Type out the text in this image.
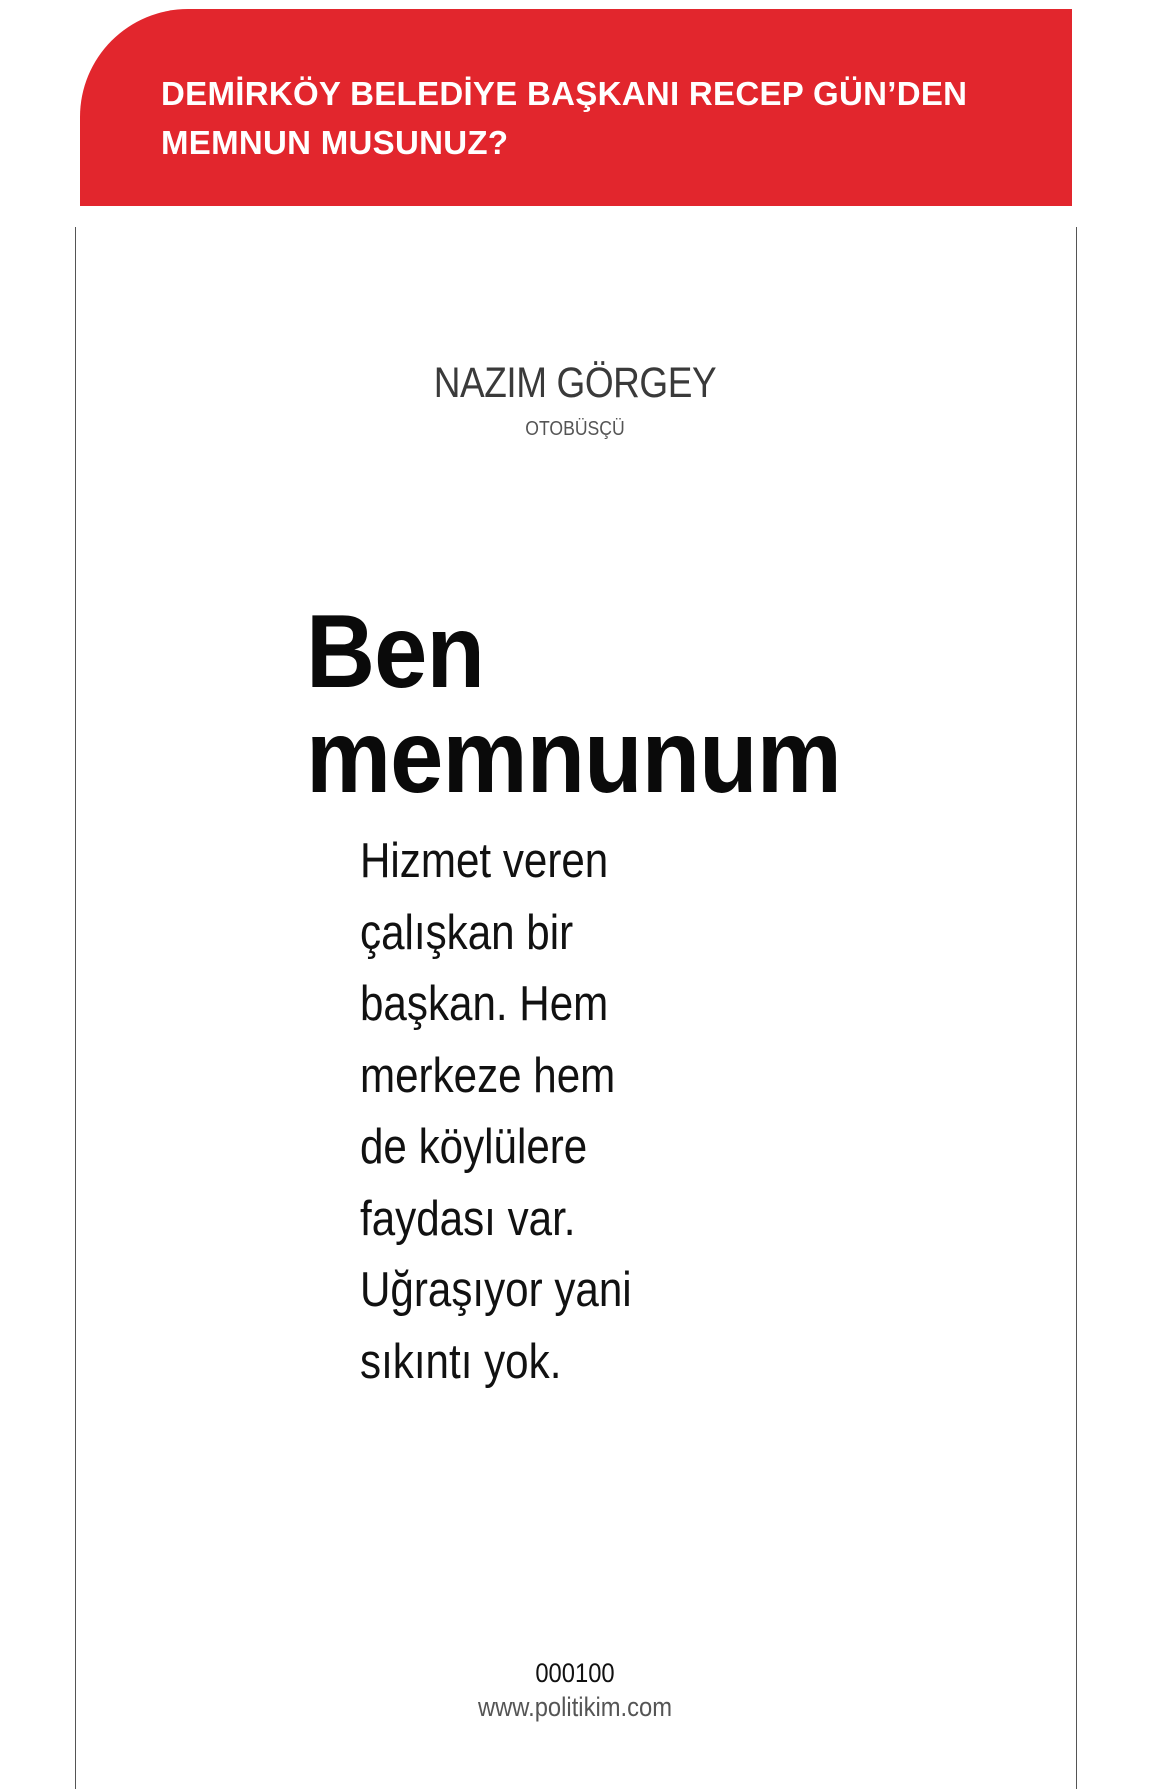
DEMİRKÖY BELEDİYE BAŞKANI RECEP GÜN’DEN
MEMNUN MUSUNUZ?

NAZIM GÖRGEY

OTOBÜSÇÜ

Ben
memnunum

Hizmet veren
çalışkan bir
başkan. Hem
merkeze hem
de köylülere
faydası var.
Uğraşıyor yani
sıkıntı yok.

000100
www.politikim.com
